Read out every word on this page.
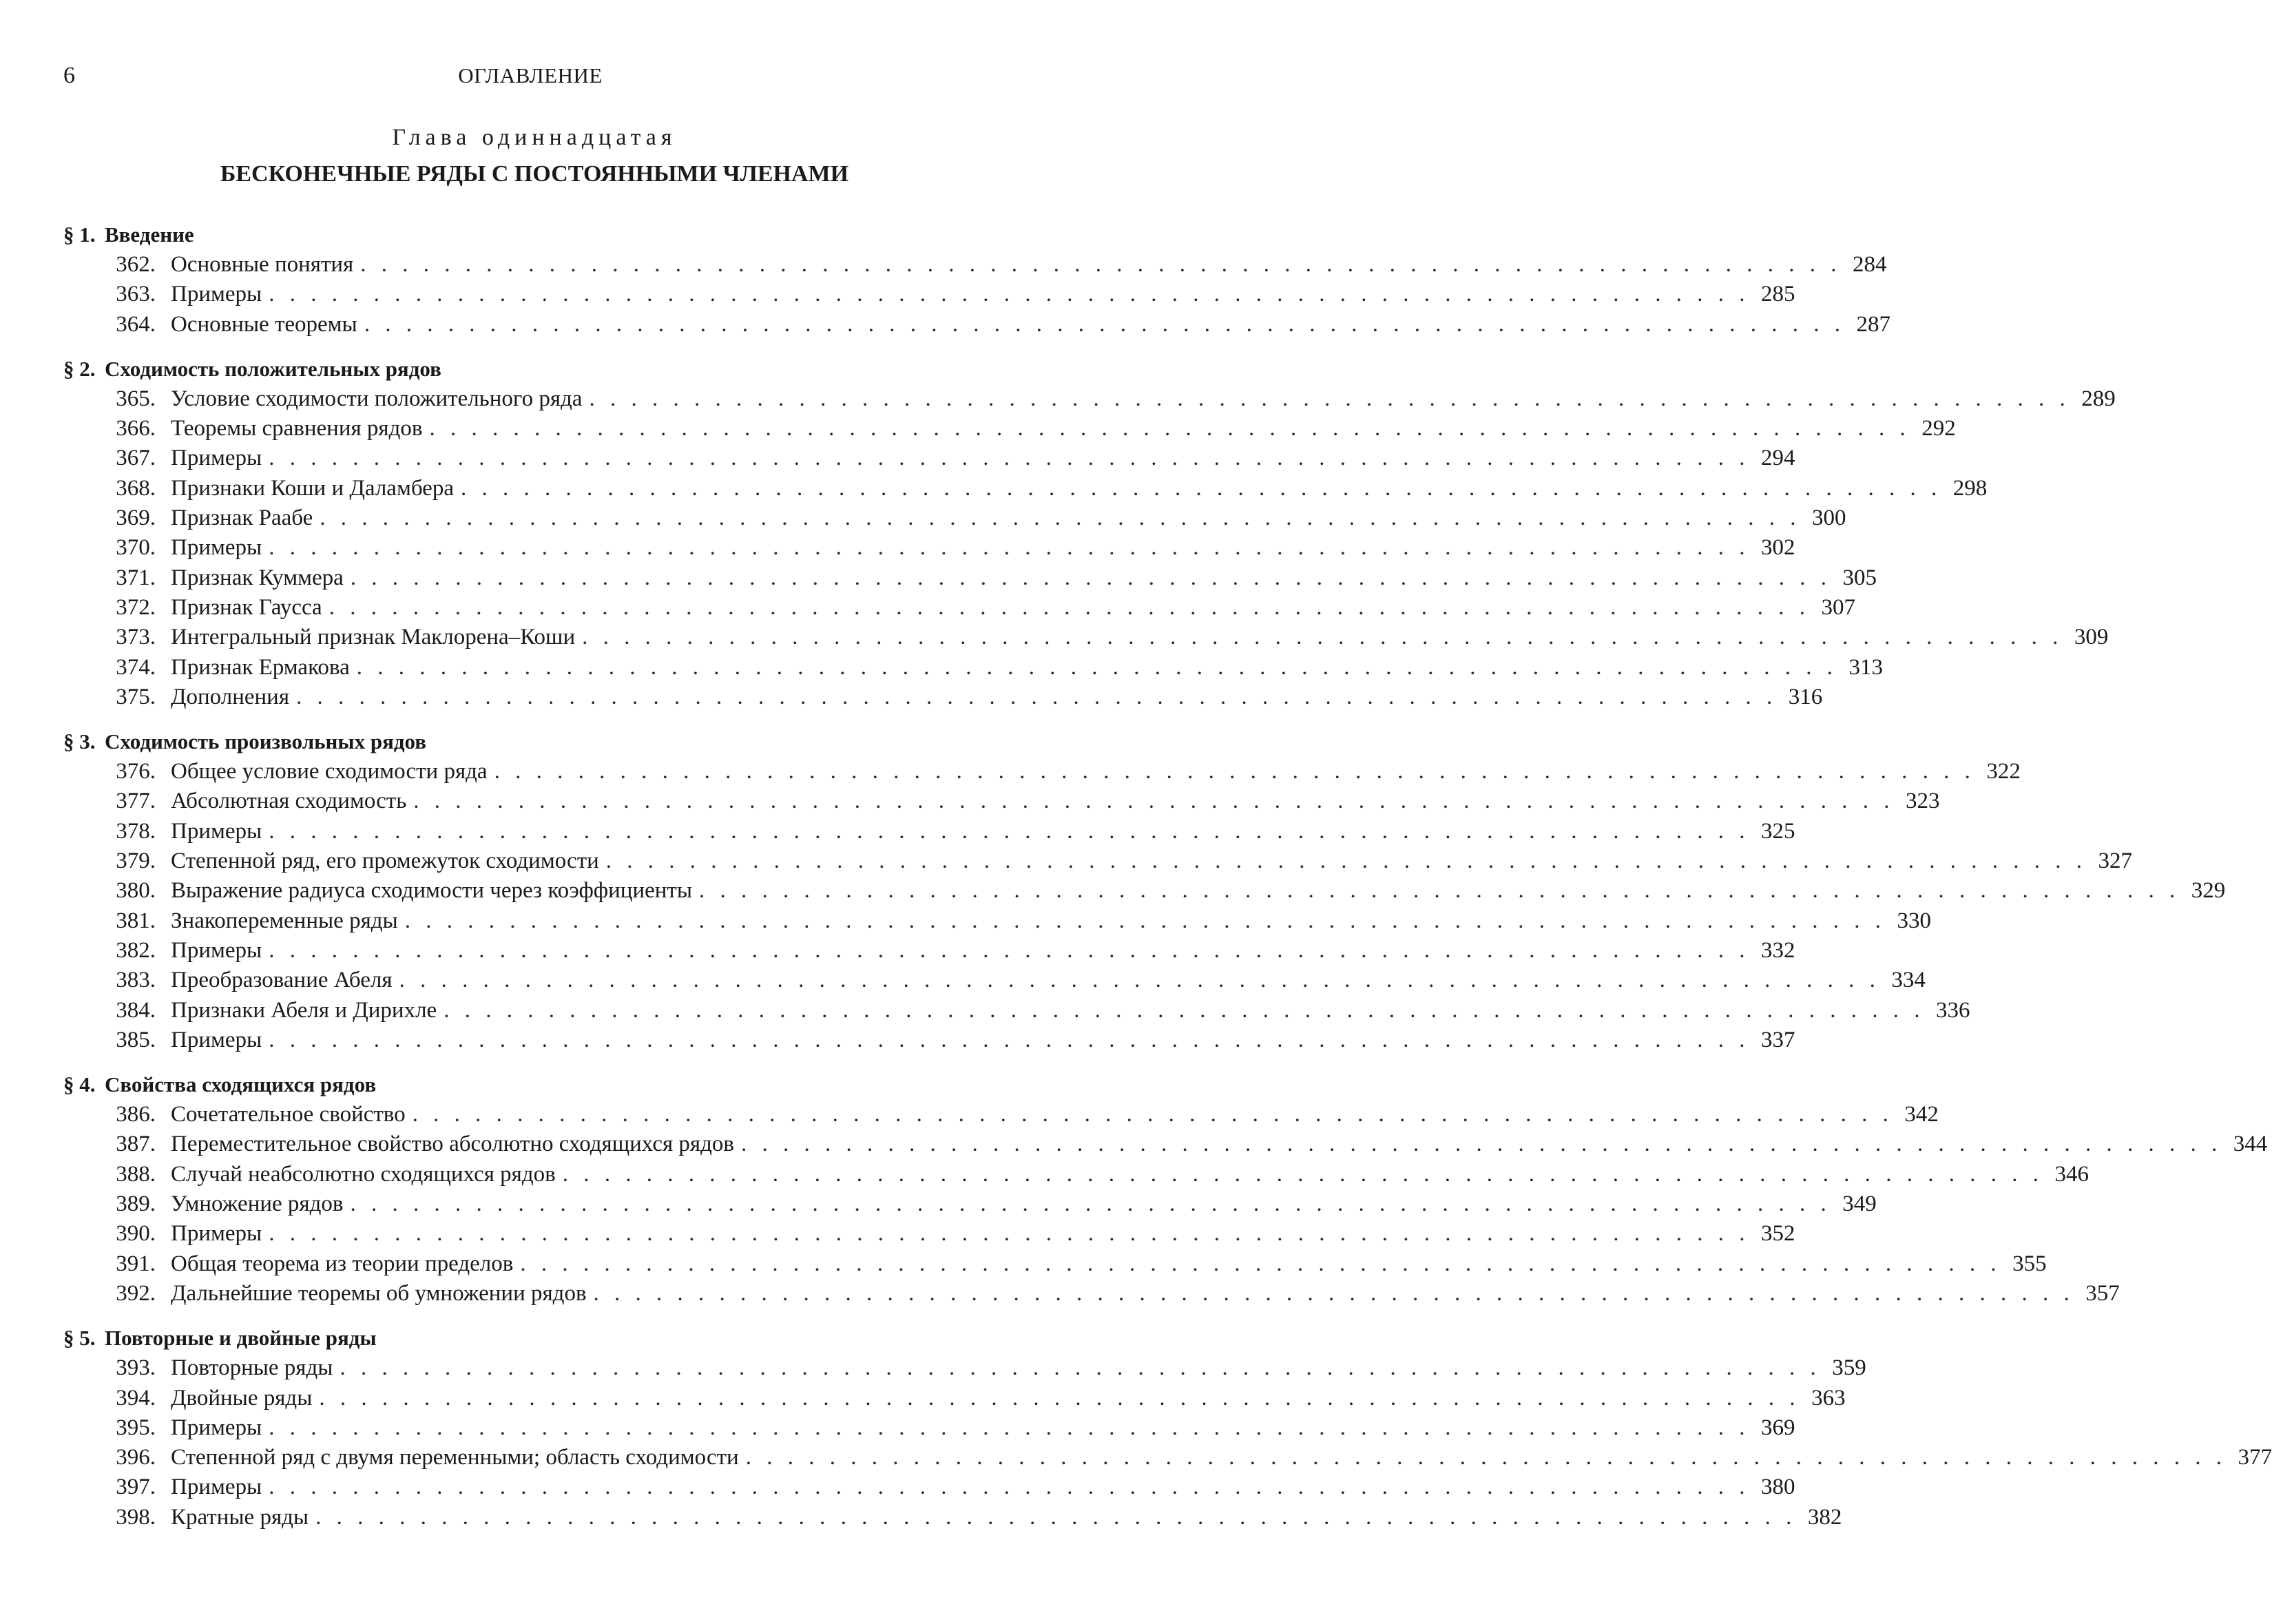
6	ОГЛАВЛЕНИЕ
Глава одиннадцатая
БЕСКОНЕЧНЫЕ РЯДЫ С ПОСТОЯННЫМИ ЧЛЕНАМИ
§ 1. Введение
362. Основные понятия . . . . . . . . . . . . . . . . . . . . . . . . . . . . . . . . . . . . . . . . . . . . . . . . . . . . . . . . . . . . . . . . . . . . . . . 284
363. Примеры . . . . . . . . . . . . . . . . . . . . . . . . . . . . . . . . . . . . . . . . . . . . . . . . . . . . . . . . . . . . . . . . . . . . . . . 285
364. Основные теоремы . . . . . . . . . . . . . . . . . . . . . . . . . . . . . . . . . . . . . . . . . . . . . . . . . . . . . . . . . . . . . . . . . . . . . . . 287
§ 2. Сходимость положительных рядов
365. Условие сходимости положительного ряда . . . . . . . . . . . . . . . . . . . . . . . . . . . . . . . . . . . . . . . . . . . . . . . . . . . . . . . . . . . . . . . . . . . . . . . 289
366. Теоремы сравнения рядов . . . . . . . . . . . . . . . . . . . . . . . . . . . . . . . . . . . . . . . . . . . . . . . . . . . . . . . . . . . . . . . . . . . . . . . 292
367. Примеры . . . . . . . . . . . . . . . . . . . . . . . . . . . . . . . . . . . . . . . . . . . . . . . . . . . . . . . . . . . . . . . . . . . . . . . 294
368. Признаки Коши и Даламбера . . . . . . . . . . . . . . . . . . . . . . . . . . . . . . . . . . . . . . . . . . . . . . . . . . . . . . . . . . . . . . . . . . . . . . . 298
369. Признак Раабе . . . . . . . . . . . . . . . . . . . . . . . . . . . . . . . . . . . . . . . . . . . . . . . . . . . . . . . . . . . . . . . . . . . . . . . 300
370. Примеры . . . . . . . . . . . . . . . . . . . . . . . . . . . . . . . . . . . . . . . . . . . . . . . . . . . . . . . . . . . . . . . . . . . . . . . 302
371. Признак Куммера . . . . . . . . . . . . . . . . . . . . . . . . . . . . . . . . . . . . . . . . . . . . . . . . . . . . . . . . . . . . . . . . . . . . . . . 305
372. Признак Гаусса . . . . . . . . . . . . . . . . . . . . . . . . . . . . . . . . . . . . . . . . . . . . . . . . . . . . . . . . . . . . . . . . . . . . . . . 307
373. Интегральный признак Маклорена–Коши . . . . . . . . . . . . . . . . . . . . . . . . . . . . . . . . . . . . . . . . . . . . . . . . . . . . . . . . . . . . . . . . . . . . . . . 309
374. Признак Ермакова . . . . . . . . . . . . . . . . . . . . . . . . . . . . . . . . . . . . . . . . . . . . . . . . . . . . . . . . . . . . . . . . . . . . . . . 313
375. Дополнения . . . . . . . . . . . . . . . . . . . . . . . . . . . . . . . . . . . . . . . . . . . . . . . . . . . . . . . . . . . . . . . . . . . . . . . 316
§ 3. Сходимость произвольных рядов
376. Общее условие сходимости ряда . . . . . . . . . . . . . . . . . . . . . . . . . . . . . . . . . . . . . . . . . . . . . . . . . . . . . . . . . . . . . . . . . . . . . . . 322
377. Абсолютная сходимость . . . . . . . . . . . . . . . . . . . . . . . . . . . . . . . . . . . . . . . . . . . . . . . . . . . . . . . . . . . . . . . . . . . . . . . 323
378. Примеры . . . . . . . . . . . . . . . . . . . . . . . . . . . . . . . . . . . . . . . . . . . . . . . . . . . . . . . . . . . . . . . . . . . . . . . 325
379. Степенной ряд, его промежуток сходимости . . . . . . . . . . . . . . . . . . . . . . . . . . . . . . . . . . . . . . . . . . . . . . . . . . . . . . . . . . . . . . . . . . . . . . . 327
380. Выражение радиуса сходимости через коэффициенты . . . . . . . . . . . . . . . . . . . . . . . . . . . . . . . . . . . . . . . . . . . . . . . . . . . . . . . . . . . . . . . . . . . . . . . 329
381. Знакопеременные ряды . . . . . . . . . . . . . . . . . . . . . . . . . . . . . . . . . . . . . . . . . . . . . . . . . . . . . . . . . . . . . . . . . . . . . . . 330
382. Примеры . . . . . . . . . . . . . . . . . . . . . . . . . . . . . . . . . . . . . . . . . . . . . . . . . . . . . . . . . . . . . . . . . . . . . . . 332
383. Преобразование Абеля . . . . . . . . . . . . . . . . . . . . . . . . . . . . . . . . . . . . . . . . . . . . . . . . . . . . . . . . . . . . . . . . . . . . . . . 334
384. Признаки Абеля и Дирихле . . . . . . . . . . . . . . . . . . . . . . . . . . . . . . . . . . . . . . . . . . . . . . . . . . . . . . . . . . . . . . . . . . . . . . . 336
385. Примеры . . . . . . . . . . . . . . . . . . . . . . . . . . . . . . . . . . . . . . . . . . . . . . . . . . . . . . . . . . . . . . . . . . . . . . . 337
§ 4. Свойства сходящихся рядов
386. Сочетательное свойство . . . . . . . . . . . . . . . . . . . . . . . . . . . . . . . . . . . . . . . . . . . . . . . . . . . . . . . . . . . . . . . . . . . . . . . 342
387. Переместительное свойство абсолютно сходящихся рядов . . . . . . . . . . . . . . . . . . . . . . . . . . . . . . . . . . . . . . . . . . . . . . . . . . . . . . . . . . . . . . . . . . . . . . . 344
388. Случай неабсолютно сходящихся рядов . . . . . . . . . . . . . . . . . . . . . . . . . . . . . . . . . . . . . . . . . . . . . . . . . . . . . . . . . . . . . . . . . . . . . . . 346
389. Умножение рядов . . . . . . . . . . . . . . . . . . . . . . . . . . . . . . . . . . . . . . . . . . . . . . . . . . . . . . . . . . . . . . . . . . . . . . . 349
390. Примеры . . . . . . . . . . . . . . . . . . . . . . . . . . . . . . . . . . . . . . . . . . . . . . . . . . . . . . . . . . . . . . . . . . . . . . . 352
391. Общая теорема из теории пределов . . . . . . . . . . . . . . . . . . . . . . . . . . . . . . . . . . . . . . . . . . . . . . . . . . . . . . . . . . . . . . . . . . . . . . . 355
392. Дальнейшие теоремы об умножении рядов . . . . . . . . . . . . . . . . . . . . . . . . . . . . . . . . . . . . . . . . . . . . . . . . . . . . . . . . . . . . . . . . . . . . . . . 357
§ 5. Повторные и двойные ряды
393. Повторные ряды . . . . . . . . . . . . . . . . . . . . . . . . . . . . . . . . . . . . . . . . . . . . . . . . . . . . . . . . . . . . . . . . . . . . . . . 359
394. Двойные ряды . . . . . . . . . . . . . . . . . . . . . . . . . . . . . . . . . . . . . . . . . . . . . . . . . . . . . . . . . . . . . . . . . . . . . . . 363
395. Примеры . . . . . . . . . . . . . . . . . . . . . . . . . . . . . . . . . . . . . . . . . . . . . . . . . . . . . . . . . . . . . . . . . . . . . . . 369
396. Степенной ряд с двумя переменными; область сходимости . . . . . . . . . . . . . . . . . . . . . . . . . . . . . . . . . . . . . . . . . . . . . . . . . . . . . . . . . . . . . . . . . . . . . . . 377
397. Примеры . . . . . . . . . . . . . . . . . . . . . . . . . . . . . . . . . . . . . . . . . . . . . . . . . . . . . . . . . . . . . . . . . . . . . . . 380
398. Кратные ряды . . . . . . . . . . . . . . . . . . . . . . . . . . . . . . . . . . . . . . . . . . . . . . . . . . . . . . . . . . . . . . . . . . . . . . . 382
